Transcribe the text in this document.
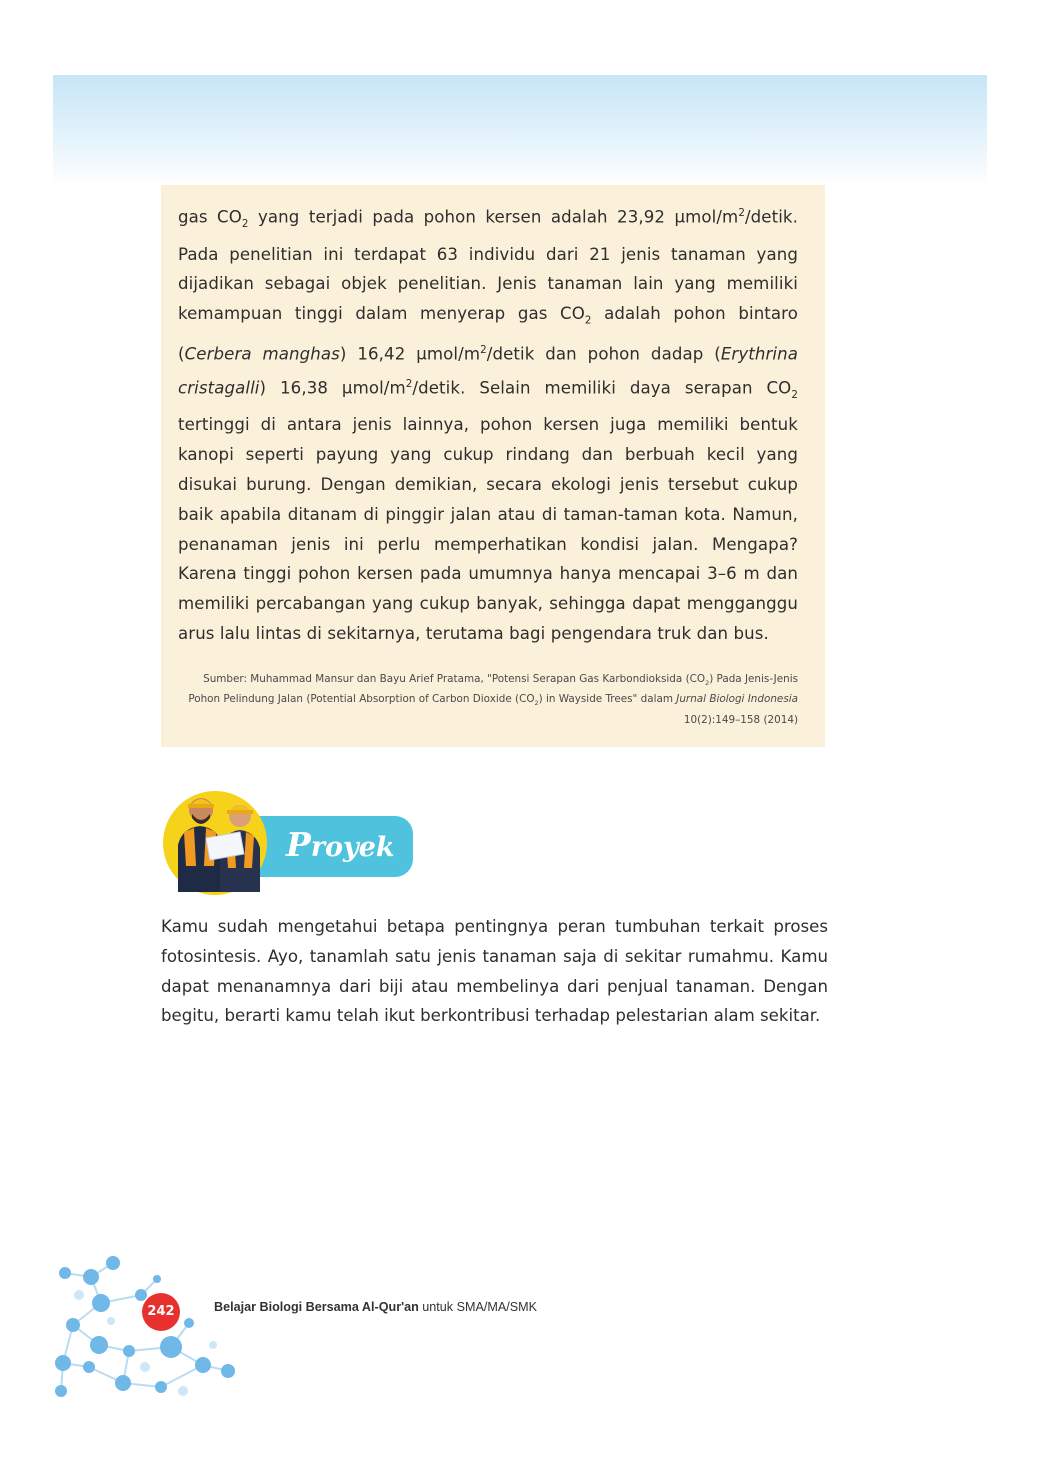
gas $CO_2$ yang terjadi pada pohon kersen adalah 23,92 µmol/$m^2$/detik. Pada penelitian ini terdapat 63 individu dari 21 jenis tanaman yang dijadikan sebagai objek penelitian. Jenis tanaman lain yang memiliki kemampuan tinggi dalam menyerap gas $CO_2$ adalah pohon bintaro (Cerbera manghas) 16,42 µmol/$m^2$/detik dan pohon dadap (Erythrina cristagalli) 16,38 µmol/$m^2$/detik. Selain memiliki daya serapan $CO_2$ tertinggi di antara jenis lainnya, pohon kersen juga memiliki bentuk kanopi seperti payung yang cukup rindang dan berbuah kecil yang disukai burung. Dengan demikian, secara ekologi jenis tersebut cukup baik apabila ditanam di pinggir jalan atau di taman-taman kota. Namun, penanaman jenis ini perlu memperhatikan kondisi jalan. Mengapa? Karena tinggi pohon kersen pada umumnya hanya mencapai 3–6 m dan memiliki percabangan yang cukup banyak, sehingga dapat mengganggu arus lalu lintas di sekitarnya, terutama bagi pengendara truk dan bus.

Sumber: Muhammad Mansur dan Bayu Arief Pratama, "Potensi Serapan Gas Karbondioksida $(CO_2)$ Pada Jenis-Jenis Pohon Pelindung Jalan (Potential Absorption of Carbon Dioxide $(CO_2)$ in Wayside Trees" dalam Jurnal Biologi Indonesia 10(2):149–158 (2014)
Proyek

Kamu sudah mengetahui betapa pentingnya peran tumbuhan terkait proses fotosintesis. Ayo, tanamlah satu jenis tanaman saja di sekitar rumahmu. Kamu dapat menanamnya dari biji atau membelinya dari penjual tanaman. Dengan begitu, berarti kamu telah ikut berkontribusi terhadap pelestarian alam sekitar.

242	Belajar Biologi Bersama Al-Qur'an untuk SMA/MA/SMK
